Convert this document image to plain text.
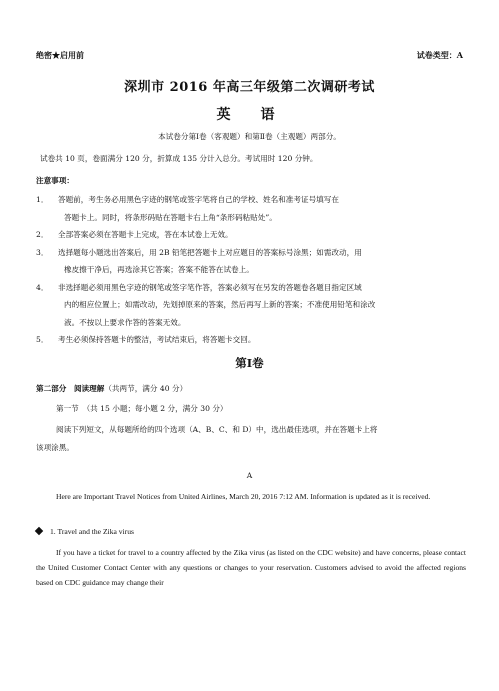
绝密★启用前	试卷类型：A
深圳市 2016 年高三年级第二次调研考试
英　语
本试卷分第Ⅰ卷（客观题）和第Ⅱ卷（主观题）两部分。
试卷共 10 页，卷面满分 120 分，折算成 135 分计入总分。考试用时 120 分钟。
注意事项：
1． 答题前，考生务必用黑色字迹的钢笔或签字笔将自己的学校、姓名和准考证号填写在
答题卡上。同时，将条形码贴在答题卡右上角“条形码粘贴处”。
2． 全部答案必须在答题卡上完成，答在本试卷上无效。
3． 选择题每小题选出答案后，用 2B 铅笔把答题卡上对应题目的答案标号涂黑；如需改动，用
橡皮擦干净后，再选涂其它答案；答案不能答在试卷上。
4． 非选择题必须用黑色字迹的钢笔或签字笔作答，答案必须写在另发的答题卷各题目指定区域
内的相应位置上；如需改动，先划掉原来的答案，然后再写上新的答案；不准使用铅笔和涂改
液。不按以上要求作答的答案无效。
5． 考生必须保持答题卡的整洁，考试结束后，将答题卡交回。
第Ⅰ卷
第二部分　阅读理解（共两节，满分 40 分）
第一节　（共 15 小题；每小题 2 分，满分 30 分）
阅读下列短文，从每题所给的四个选项（A、B、C、和 D）中，选出最佳选项，并在答题卡上将
该项涂黑。
A
Here are Important Travel Notices from United Airlines, March 20, 2016 7:12 AM. Information is updated as it is received.
1. Travel and the Zika virus
If you have a ticket for travel to a country affected by the Zika virus (as listed on the CDC website) and have concerns, please contact the United Customer Contact Center with any questions or changes to your reservation. Customers advised to avoid the affected regions based on CDC guidance may change their
